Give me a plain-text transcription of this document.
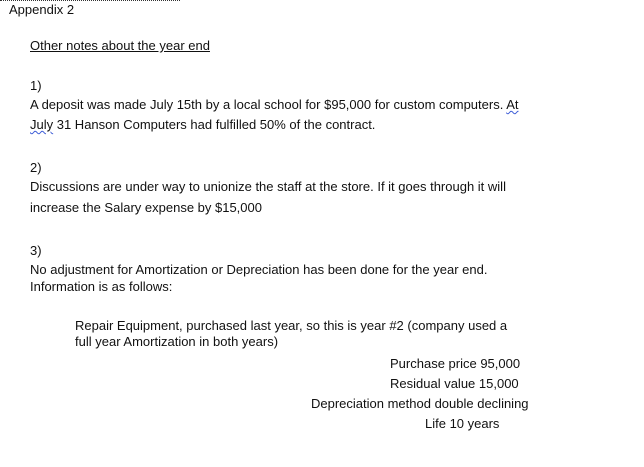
Appendix 2
Other notes about the year end
1)
A deposit was made July 15th by a local school for $95,000 for custom computers. At
July 31 Hanson Computers had fulfilled 50% of the contract.
2)
Discussions are under way to unionize the staff at the store. If it goes through it will
increase the Salary expense by $15,000
3)
No adjustment for Amortization or Depreciation has been done for the year end.
Information is as follows:
Repair Equipment, purchased last year, so this is year #2 (company used a
full year Amortization in both years)
Purchase price 95,000
Residual value 15,000
Depreciation method double declining
Life 10 years
